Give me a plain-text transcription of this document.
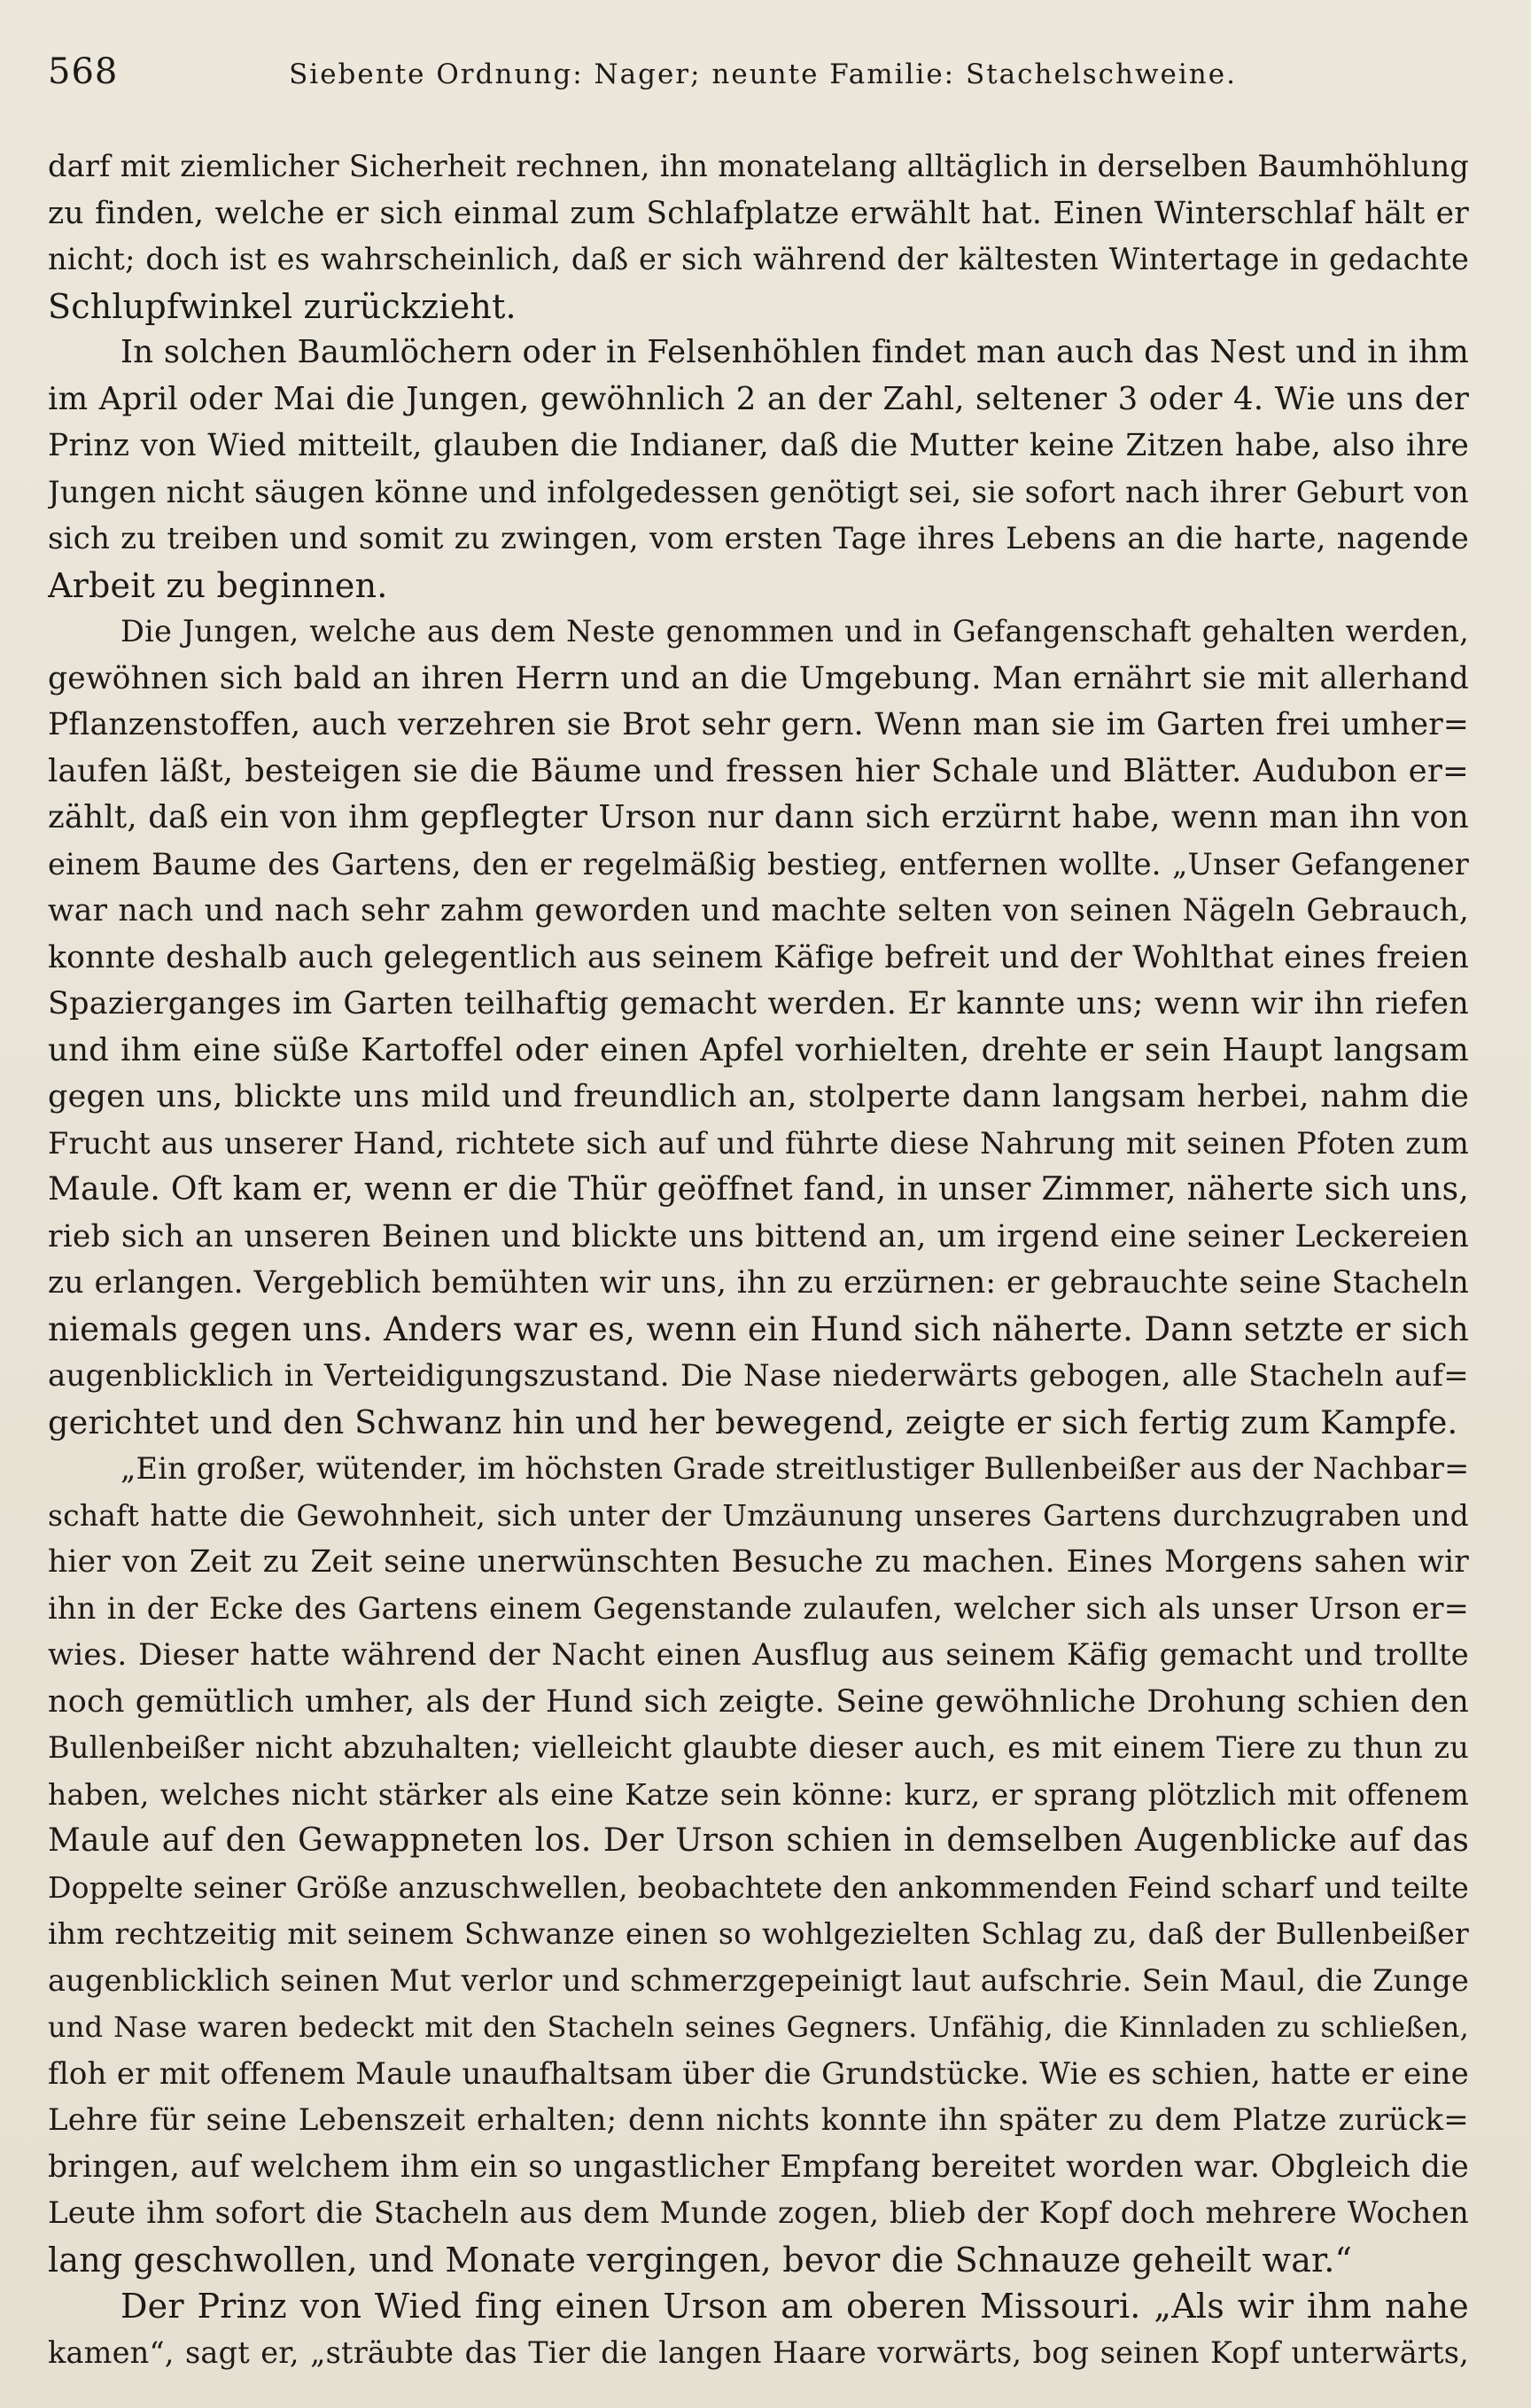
568	Siebente Ordnung: Nager; neunte Familie: Stachelschweine.
darf mit ziemlicher Sicherheit rechnen, ihn monatelang alltäglich in derselben Baumhöhlung
zu finden, welche er sich einmal zum Schlafplatze erwählt hat. Einen Winterschlaf hält er
nicht; doch ist es wahrscheinlich, daß er sich während der kältesten Wintertage in gedachte
Schlupfwinkel zurückzieht.
In solchen Baumlöchern oder in Felsenhöhlen findet man auch das Nest und in ihm
im April oder Mai die Jungen, gewöhnlich 2 an der Zahl, seltener 3 oder 4. Wie uns der
Prinz von Wied mitteilt, glauben die Indianer, daß die Mutter keine Zitzen habe, also ihre
Jungen nicht säugen könne und infolgedessen genötigt sei, sie sofort nach ihrer Geburt von
sich zu treiben und somit zu zwingen, vom ersten Tage ihres Lebens an die harte, nagende
Arbeit zu beginnen.
Die Jungen, welche aus dem Neste genommen und in Gefangenschaft gehalten werden,
gewöhnen sich bald an ihren Herrn und an die Umgebung. Man ernährt sie mit allerhand
Pflanzenstoffen, auch verzehren sie Brot sehr gern. Wenn man sie im Garten frei umher=
laufen läßt, besteigen sie die Bäume und fressen hier Schale und Blätter. Audubon er=
zählt, daß ein von ihm gepflegter Urson nur dann sich erzürnt habe, wenn man ihn von
einem Baume des Gartens, den er regelmäßig bestieg, entfernen wollte. „Unser Gefangener
war nach und nach sehr zahm geworden und machte selten von seinen Nägeln Gebrauch,
konnte deshalb auch gelegentlich aus seinem Käfige befreit und der Wohlthat eines freien
Spazierganges im Garten teilhaftig gemacht werden. Er kannte uns; wenn wir ihn riefen
und ihm eine süße Kartoffel oder einen Apfel vorhielten, drehte er sein Haupt langsam
gegen uns, blickte uns mild und freundlich an, stolperte dann langsam herbei, nahm die
Frucht aus unserer Hand, richtete sich auf und führte diese Nahrung mit seinen Pfoten zum
Maule. Oft kam er, wenn er die Thür geöffnet fand, in unser Zimmer, näherte sich uns,
rieb sich an unseren Beinen und blickte uns bittend an, um irgend eine seiner Leckereien
zu erlangen. Vergeblich bemühten wir uns, ihn zu erzürnen: er gebrauchte seine Stacheln
niemals gegen uns. Anders war es, wenn ein Hund sich näherte. Dann setzte er sich
augenblicklich in Verteidigungszustand. Die Nase niederwärts gebogen, alle Stacheln auf=
gerichtet und den Schwanz hin und her bewegend, zeigte er sich fertig zum Kampfe.
„Ein großer, wütender, im höchsten Grade streitlustiger Bullenbeißer aus der Nachbar=
schaft hatte die Gewohnheit, sich unter der Umzäunung unseres Gartens durchzugraben und
hier von Zeit zu Zeit seine unerwünschten Besuche zu machen. Eines Morgens sahen wir
ihn in der Ecke des Gartens einem Gegenstande zulaufen, welcher sich als unser Urson er=
wies. Dieser hatte während der Nacht einen Ausflug aus seinem Käfig gemacht und trollte
noch gemütlich umher, als der Hund sich zeigte. Seine gewöhnliche Drohung schien den
Bullenbeißer nicht abzuhalten; vielleicht glaubte dieser auch, es mit einem Tiere zu thun zu
haben, welches nicht stärker als eine Katze sein könne: kurz, er sprang plötzlich mit offenem
Maule auf den Gewappneten los. Der Urson schien in demselben Augenblicke auf das
Doppelte seiner Größe anzuschwellen, beobachtete den ankommenden Feind scharf und teilte
ihm rechtzeitig mit seinem Schwanze einen so wohlgezielten Schlag zu, daß der Bullenbeißer
augenblicklich seinen Mut verlor und schmerzgepeinigt laut aufschrie. Sein Maul, die Zunge
und Nase waren bedeckt mit den Stacheln seines Gegners. Unfähig, die Kinnladen zu schließen,
floh er mit offenem Maule unaufhaltsam über die Grundstücke. Wie es schien, hatte er eine
Lehre für seine Lebenszeit erhalten; denn nichts konnte ihn später zu dem Platze zurück=
bringen, auf welchem ihm ein so ungastlicher Empfang bereitet worden war. Obgleich die
Leute ihm sofort die Stacheln aus dem Munde zogen, blieb der Kopf doch mehrere Wochen
lang geschwollen, und Monate vergingen, bevor die Schnauze geheilt war.“
Der Prinz von Wied fing einen Urson am oberen Missouri. „Als wir ihm nahe
kamen“, sagt er, „sträubte das Tier die langen Haare vorwärts, bog seinen Kopf unterwärts,
